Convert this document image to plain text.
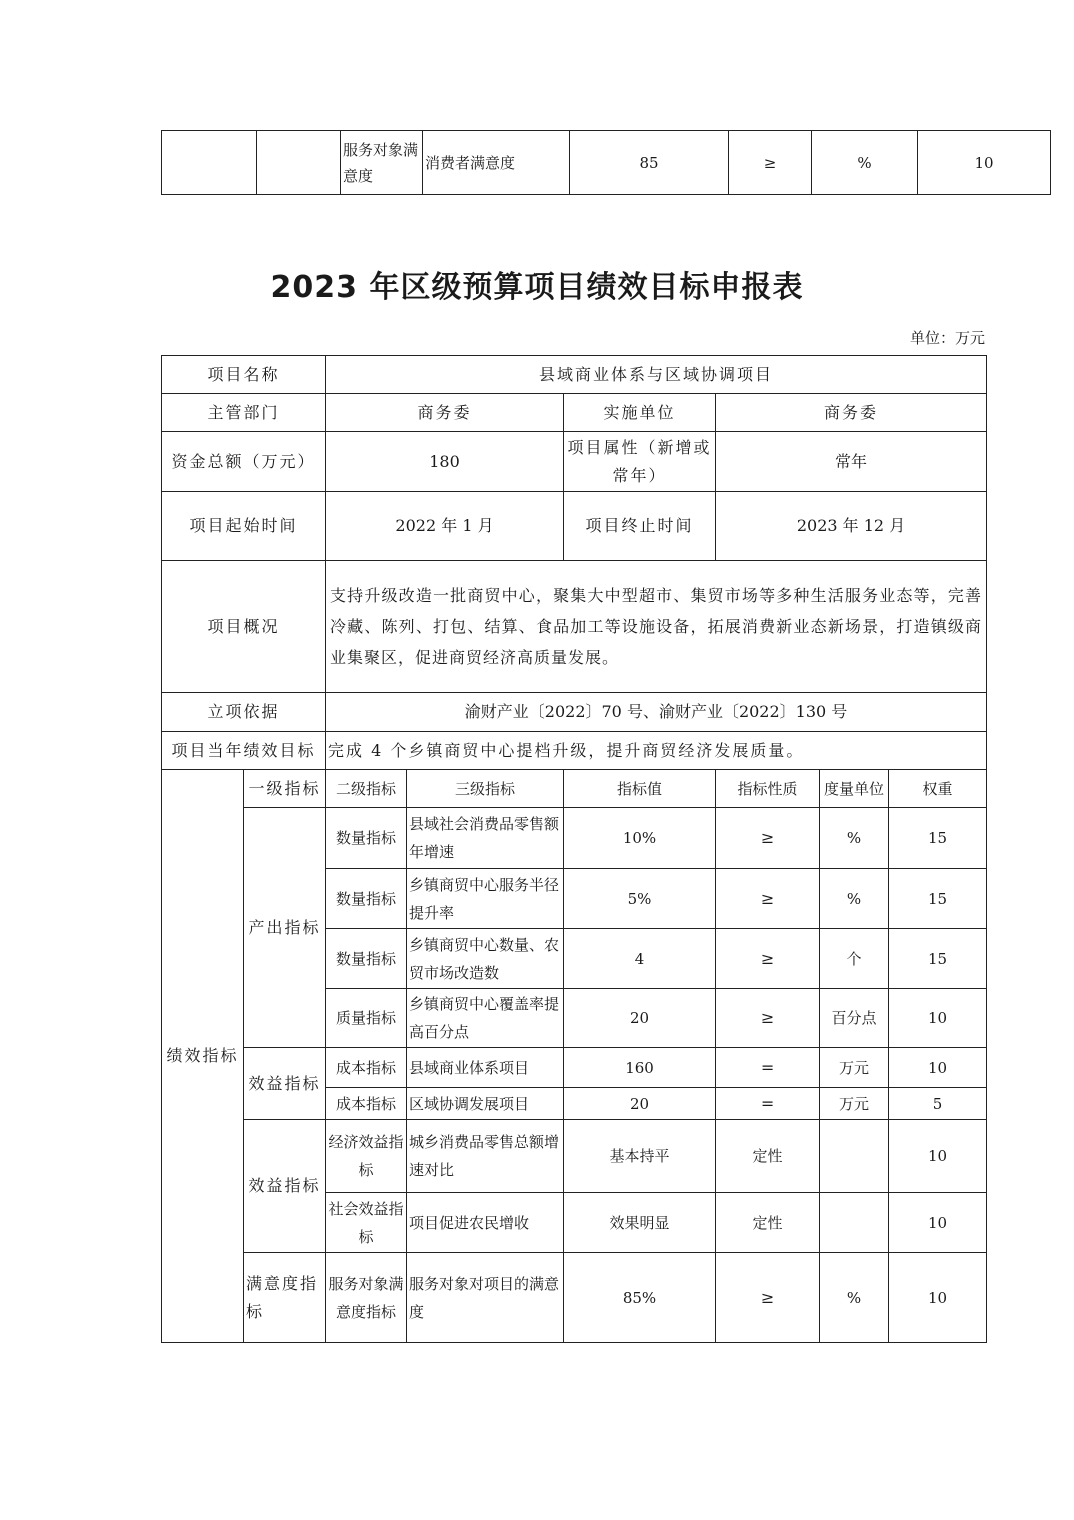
		服务对象满意度	消费者满意度	85	≥	%	10
2023 年区级预算项目绩效目标申报表
单位：万元
项目名称		县域商业体系与区域协调项目					
主管部门		商务委		实施单位	商务委		
资金总额（万元）		180		项目属性（新增或常年）	常年		
项目起始时间		2022 年 1 月		项目终止时间	2023 年 12 月		
项目概况		支持升级改造一批商贸中心，聚集大中型超市、集贸市场等多种生活服务业态等，完善冷藏、陈列、打包、结算、食品加工等设施设备，拓展消费新业态新场景，打造镇级商业集聚区，促进商贸经济高质量发展。					
立项依据		渝财产业〔2022〕70 号、渝财产业〔2022〕130 号					
项目当年绩效目标		完成 4 个乡镇商贸中心提档升级，提升商贸经济发展质量。					
绩效指标	一级指标	二级指标	三级指标	指标值	指标性质	度量单位	权重
	产出指标	数量指标	县域社会消费品零售额年增速	10%	≥	%	15
		数量指标	乡镇商贸中心服务半径提升率	5%	≥	%	15
		数量指标	乡镇商贸中心数量、农贸市场改造数	4	≥	个	15
		质量指标	乡镇商贸中心覆盖率提高百分点	20	≥	百分点	10
	效益指标	成本指标	县域商业体系项目	160	=	万元	10
		成本指标	区域协调发展项目	20	=	万元	5
	效益指标	经济效益指标	城乡消费品零售总额增速对比	基本持平	定性		10
		社会效益指标	项目促进农民增收	效果明显	定性		10
	满意度指标	服务对象满意度指标	服务对象对项目的满意度	85%	≥	%	10
